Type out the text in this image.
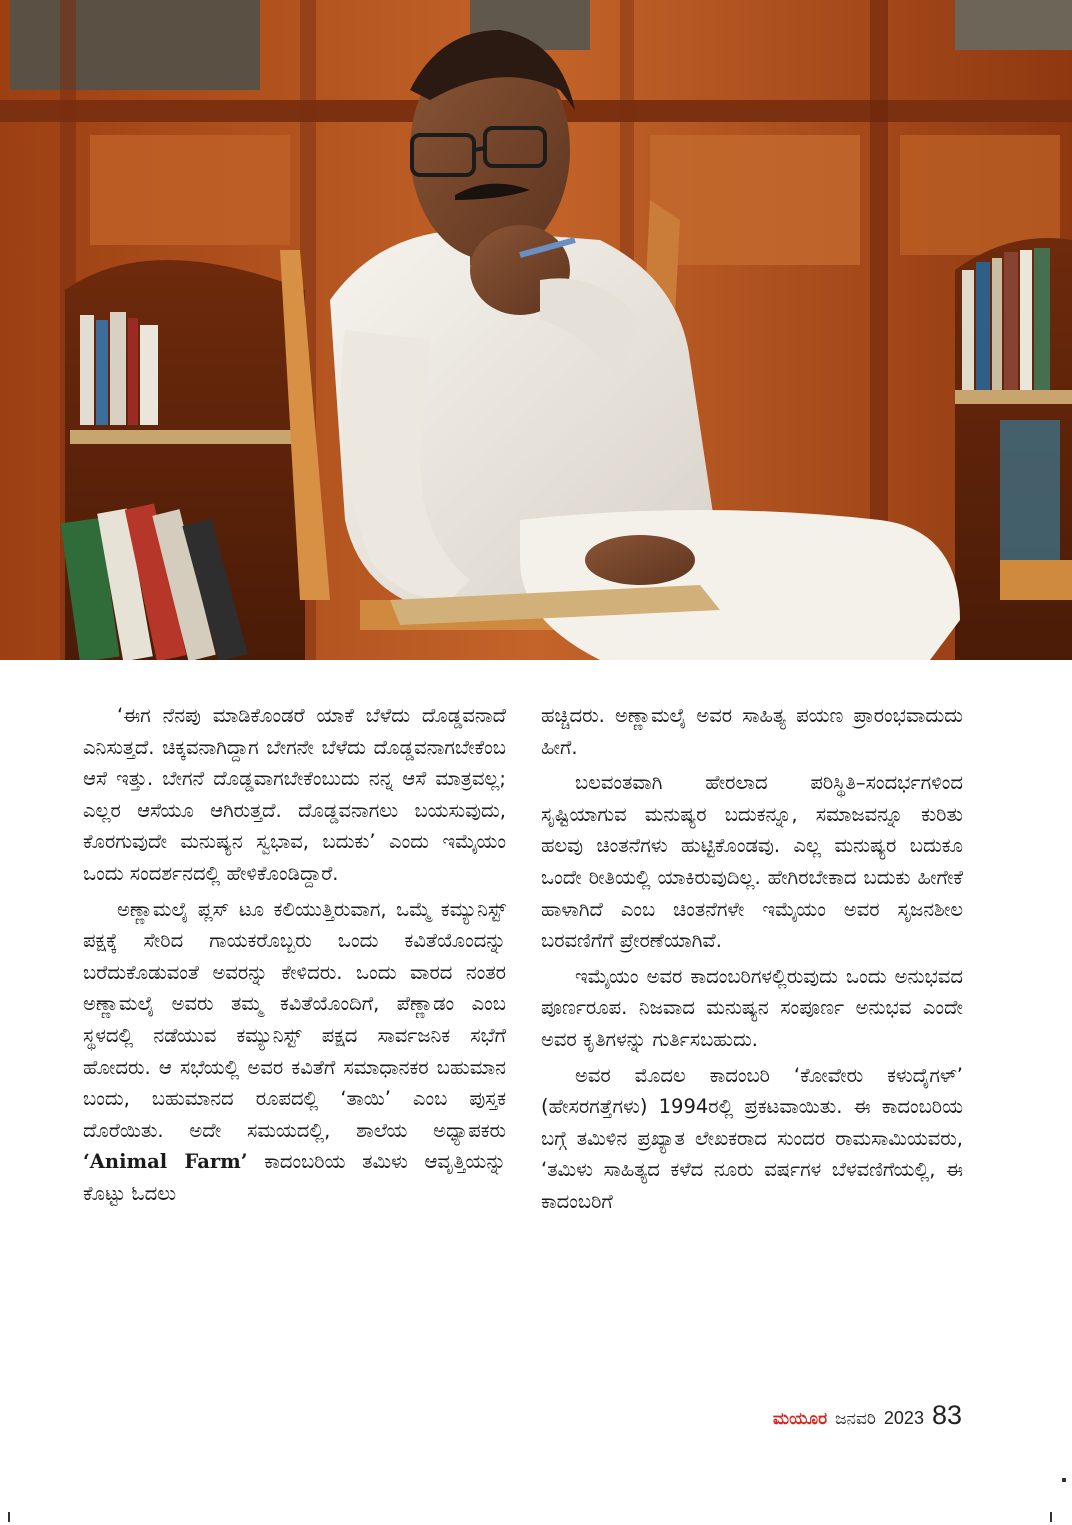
‘ಈಗ ನೆನಪು ಮಾಡಿಕೊಂಡರೆ ಯಾಕೆ ಬೆಳೆದು ದೊಡ್ಡವನಾದೆ ಎನಿಸುತ್ತದೆ. ಚಿಕ್ಕವನಾಗಿದ್ದಾಗ ಬೇಗನೇ ಬೆಳೆದು ದೊಡ್ಡವನಾಗಬೇಕೆಂಬ ಆಸೆ ಇತ್ತು. ಬೇಗನೆ ದೊಡ್ಡವಾಗಬೇಕೆಂಬುದು ನನ್ನ ಆಸೆ ಮಾತ್ರವಲ್ಲ; ಎಲ್ಲರ ಆಸೆಯೂ ಆಗಿರುತ್ತದೆ. ದೊಡ್ಡವನಾಗಲು ಬಯಸುವುದು, ಕೊರಗುವುದೇ ಮನುಷ್ಯನ ಸ್ವಭಾವ, ಬದುಕು’ ಎಂದು ಇಮೈಯಂ ಒಂದು ಸಂದರ್ಶನದಲ್ಲಿ ಹೇಳಿಕೊಂಡಿದ್ದಾರೆ.

ಅಣ್ಣಾಮಲೈ ಪ್ಲಸ್ ಟೂ ಕಲಿಯುತ್ತಿರುವಾಗ, ಒಮ್ಮೆ ಕಮ್ಯುನಿಸ್ಟ್ ಪಕ್ಷಕ್ಕೆ ಸೇರಿದ ಗಾಯಕರೊಬ್ಬರು ಒಂದು ಕವಿತೆಯೊಂದನ್ನು ಬರೆದುಕೊಡುವಂತೆ ಅವರನ್ನು ಕೇಳಿದರು. ಒಂದು ವಾರದ ನಂತರ ಅಣ್ಣಾಮಲೈ ಅವರು ತಮ್ಮ ಕವಿತೆಯೊಂದಿಗೆ, ಪೆಣ್ಣಾಡಂ ಎಂಬ ಸ್ಥಳದಲ್ಲಿ ನಡೆಯುವ ಕಮ್ಯುನಿಸ್ಟ್ ಪಕ್ಷದ ಸಾರ್ವಜನಿಕ ಸಭೆಗೆ ಹೋದರು. ಆ ಸಭೆಯಲ್ಲಿ ಅವರ ಕವಿತೆಗೆ ಸಮಾಧಾನಕರ ಬಹುಮಾನ ಬಂದು, ಬಹುಮಾನದ ರೂಪದಲ್ಲಿ ‘ತಾಯಿ’ ಎಂಬ ಪುಸ್ತಕ ದೊರೆಯಿತು. ಅದೇ ಸಮಯದಲ್ಲಿ, ಶಾಲೆಯ ಅಧ್ಯಾಪಕರು ‘Animal Farm’ ಕಾದಂಬರಿಯ ತಮಿಳು ಆವೃತ್ತಿಯನ್ನು ಕೊಟ್ಟು ಓದಲು

ಹಚ್ಚಿದರು. ಅಣ್ಣಾಮಲೈ ಅವರ ಸಾಹಿತ್ಯ ಪಯಣ ಪ್ರಾರಂಭವಾದುದು ಹೀಗೆ.

ಬಲವಂತವಾಗಿ ಹೇರಲಾದ ಪರಿಸ್ಥಿತಿ–ಸಂದರ್ಭಗಳಿಂದ ಸೃಷ್ಟಿಯಾಗುವ ಮನುಷ್ಯರ ಬದುಕನ್ನೂ, ಸಮಾಜವನ್ನೂ ಕುರಿತು ಹಲವು ಚಿಂತನೆಗಳು ಹುಟ್ಟಿಕೊಂಡವು. ಎಲ್ಲ ಮನುಷ್ಯರ ಬದುಕೂ ಒಂದೇ ರೀತಿಯಲ್ಲಿ ಯಾಕಿರುವುದಿಲ್ಲ. ಹೇಗಿರಬೇಕಾದ ಬದುಕು ಹೀಗೇಕೆ ಹಾಳಾಗಿದೆ ಎಂಬ ಚಿಂತನೆಗಳೇ ಇಮೈಯಂ ಅವರ ಸೃಜನಶೀಲ ಬರವಣಿಗೆಗೆ ಪ್ರೇರಣೆಯಾಗಿವೆ.

ಇಮೈಯಂ ಅವರ ಕಾದಂಬರಿಗಳಲ್ಲಿರುವುದು ಒಂದು ಅನುಭವದ ಪೂರ್ಣರೂಪ. ನಿಜವಾದ ಮನುಷ್ಯನ ಸಂಪೂರ್ಣ ಅನುಭವ ಎಂದೇ ಅವರ ಕೃತಿಗಳನ್ನು ಗುರ್ತಿಸಬಹುದು.

ಅವರ ಮೊದಲ ಕಾದಂಬರಿ ‘ಕೋವೇರು ಕಳುದೈಗಳ್’ (ಹೇಸರಗತ್ತೆಗಳು) 1994ರಲ್ಲಿ ಪ್ರಕಟವಾಯಿತು. ಈ ಕಾದಂಬರಿಯ ಬಗ್ಗೆ ತಮಿಳಿನ ಪ್ರಖ್ಯಾತ ಲೇಖಕರಾದ ಸುಂದರ ರಾಮಸಾಮಿಯವರು, ‘ತಮಿಳು ಸಾಹಿತ್ಯದ ಕಳೆದ ನೂರು ವರ್ಷಗಳ ಬೆಳವಣಿಗೆಯಲ್ಲಿ, ಈ ಕಾದಂಬರಿಗೆ

ಮಯೂರ ಜನವರಿ 2023 83
